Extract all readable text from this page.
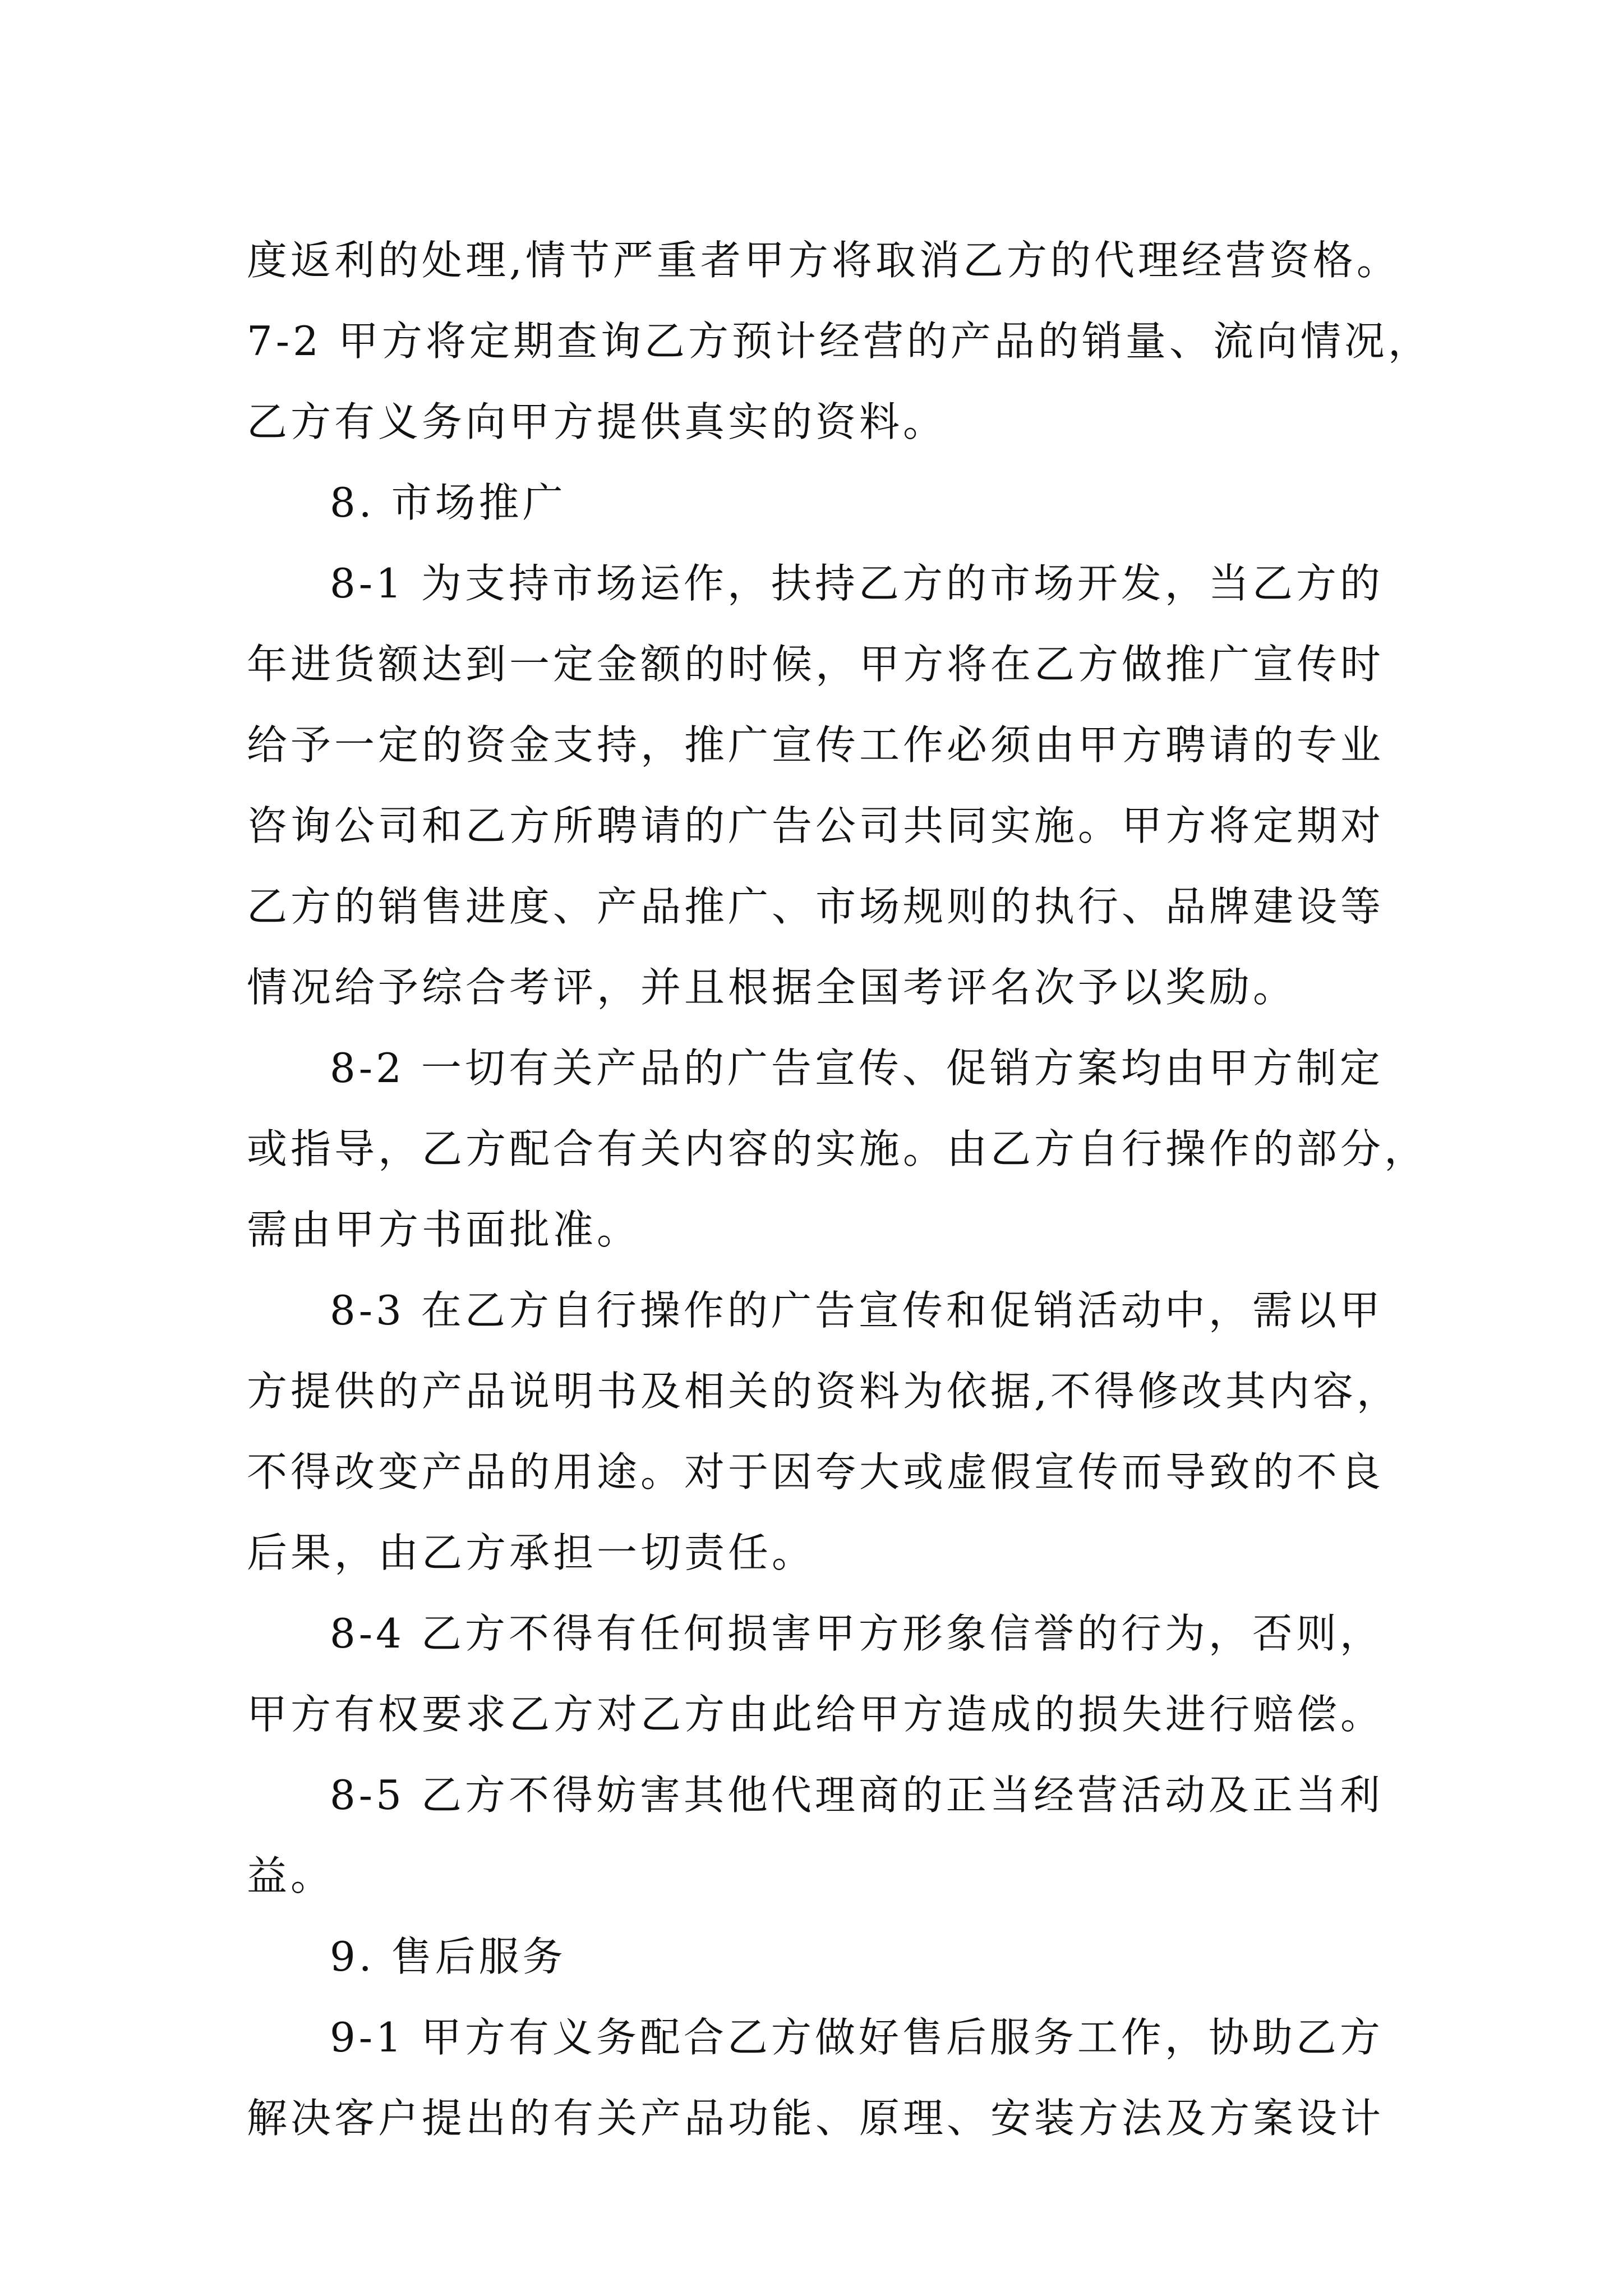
度返利的处理,情节严重者甲方将取消乙方的代理经营资格。
7-2 甲方将定期查询乙方预计经营的产品的销量、流向情况，
乙方有义务向甲方提供真实的资料。
8. 市场推广
8-1 为支持市场运作，扶持乙方的市场开发，当乙方的
年进货额达到一定金额的时候，甲方将在乙方做推广宣传时
给予一定的资金支持，推广宣传工作必须由甲方聘请的专业
咨询公司和乙方所聘请的广告公司共同实施。甲方将定期对
乙方的销售进度、产品推广、市场规则的执行、品牌建设等
情况给予综合考评，并且根据全国考评名次予以奖励。
8-2 一切有关产品的广告宣传、促销方案均由甲方制定
或指导，乙方配合有关内容的实施。由乙方自行操作的部分，
需由甲方书面批准。
8-3 在乙方自行操作的广告宣传和促销活动中，需以甲
方提供的产品说明书及相关的资料为依据,不得修改其内容，
不得改变产品的用途。对于因夸大或虚假宣传而导致的不良
后果，由乙方承担一切责任。
8-4 乙方不得有任何损害甲方形象信誉的行为，否则，
甲方有权要求乙方对乙方由此给甲方造成的损失进行赔偿。
8-5 乙方不得妨害其他代理商的正当经营活动及正当利
益。
9. 售后服务
9-1 甲方有义务配合乙方做好售后服务工作，协助乙方
解决客户提出的有关产品功能、原理、安装方法及方案设计
